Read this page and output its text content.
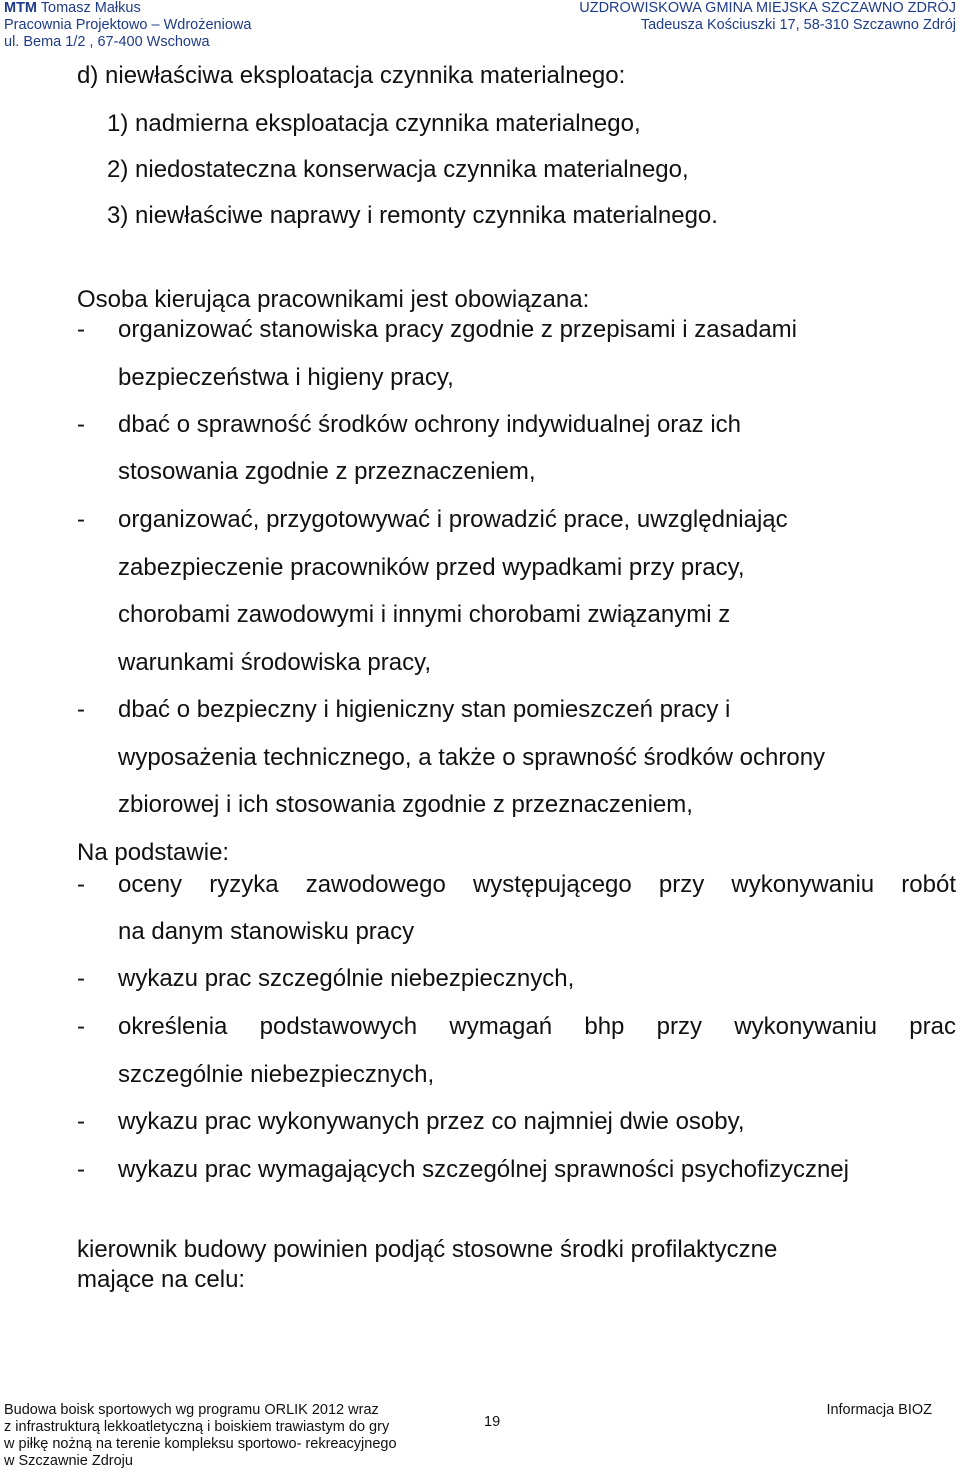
MTM Tomasz Małkus
Pracownia Projektowo – Wdrożeniowa
ul. Bema 1/2 , 67-400 Wschowa
UZDROWISKOWA GMINA MIEJSKA SZCZAWNO ZDRÓJ
Tadeusza Kościuszki 17, 58-310 Szczawno Zdrój
d) niewłaściwa eksploatacja czynnika materialnego:
1) nadmierna eksploatacja czynnika materialnego,
2) niedostateczna konserwacja czynnika materialnego,
3) niewłaściwe naprawy i remonty czynnika materialnego.
Osoba kierująca pracownikami jest obowiązana:
- organizować stanowiska pracy zgodnie z przepisami i zasadami
bezpieczeństwa i higieny pracy,
- dbać o sprawność środków ochrony indywidualnej oraz ich
stosowania zgodnie z przeznaczeniem,
- organizować, przygotowywać i prowadzić prace, uwzględniając
zabezpieczenie pracowników przed wypadkami przy pracy,
chorobami zawodowymi i innymi chorobami związanymi z
warunkami środowiska pracy,
- dbać o bezpieczny i higieniczny stan pomieszczeń pracy i
wyposażenia technicznego, a także o sprawność środków ochrony
zbiorowej i ich stosowania zgodnie z przeznaczeniem,
Na podstawie:
- oceny ryzyka zawodowego występującego przy wykonywaniu robót
na danym stanowisku pracy
- wykazu prac szczególnie niebezpiecznych,
- określenia podstawowych wymagań bhp przy wykonywaniu prac
szczególnie niebezpiecznych,
- wykazu prac wykonywanych przez co najmniej dwie osoby,
- wykazu prac wymagających szczególnej sprawności psychofizycznej
kierownik budowy powinien podjąć stosowne środki profilaktyczne
mające na celu:
Budowa boisk sportowych wg programu ORLIK 2012 wraz
z infrastrukturą lekkoatletyczną i boiskiem trawiastym do gry
w piłkę nożną na terenie kompleksu sportowo- rekreacyjnego
w Szczawnie Zdroju
19
Informacja BIOZ
